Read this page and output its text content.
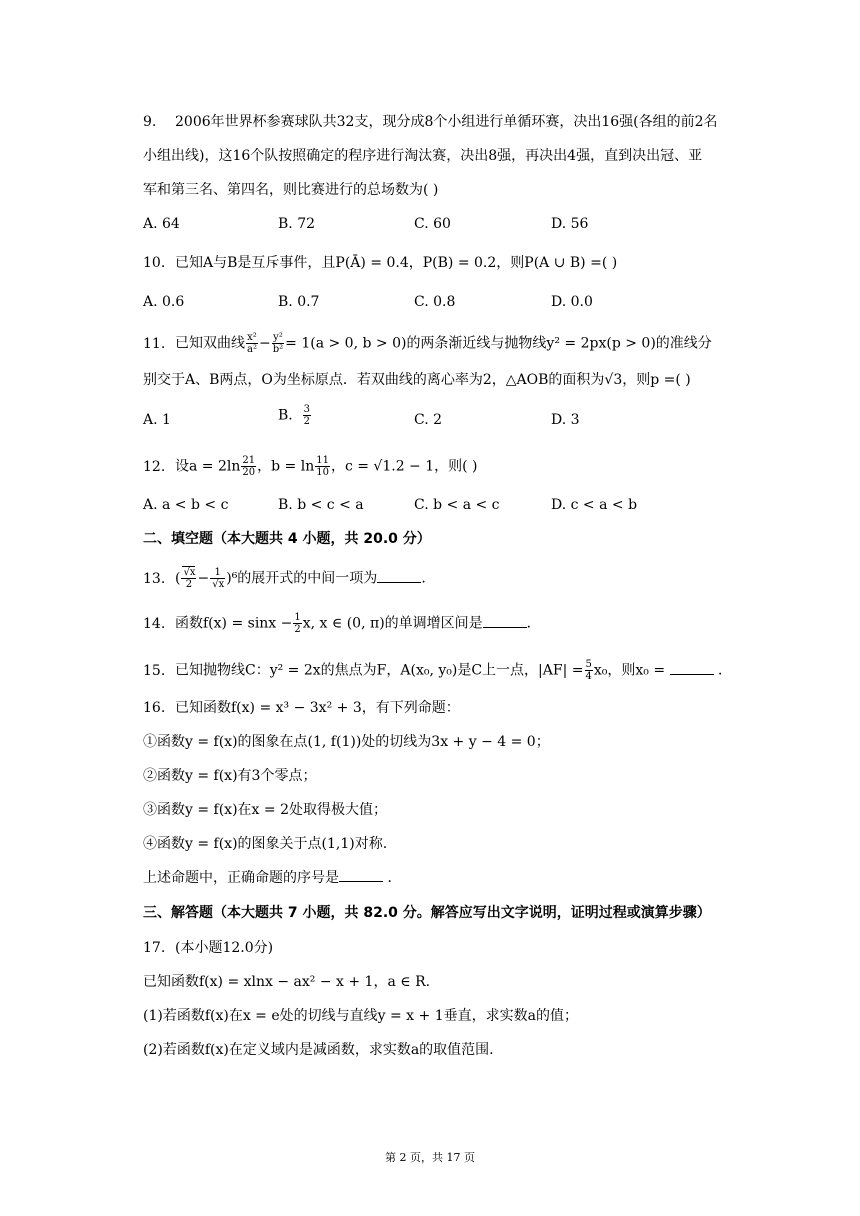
9. 2006年世界杯参赛球队共32支，现分成8个小组进行单循环赛，决出16强(各组的前2名
小组出线)，这16个队按照确定的程序进行淘汰赛，决出8强，再决出4强，直到决出冠、亚
军和第三名、第四名，则比赛进行的总场数为( )
A. 64	B. 72	C. 60	D. 56
10. 已知A与B是互斥事件，且P(Ā) = 0.4，P(B) = 0.2，则P(A ∪ B) =( )
A. 0.6	B. 0.7	C. 0.8	D. 0.0
11. 已知双曲线 $\frac{\text{x²}}{\text{a²}} - \frac{\text{y²}}{\text{b²}} = 1(a > 0$, b > 0)的两条渐近线与抛物线y² = 2px(p > 0)的准线分
别交于A、B两点，O为坐标原点．若双曲线的离心率为2，△AOB的面积为√3，则p =( )
A. 1	B. $\frac{3}{2}$	C. 2	D. 3
12. 设$a = 2\ln \frac{21}{20}$ ，$b = \ln \frac{11}{10}$ ，c = √1.2 − 1，则( )
A. a < b < c	B. b < c < a	C. b < a < c	D. c < a < b
二、填空题（本大题共 4 小题，共 20.0 分）
13. ( $\frac{√x}{2} - \frac{1}{√x} )^6$的展开式的中间一项为	.
14. 函数$f(x) = \sin x - \frac{1}{2} x$, x ∈ (0, π)的单调增区间是	．
15. 已知抛物线C：y² = 2x的焦点为F，A(x₀, y₀)是C上一点，$|AF| = \frac{5}{4} x_0$，则x₀ =	．
16. 已知函数f(x) = x³ − 3x² + 3，有下列命题：
①函数y = f(x)的图象在点(1, f(1))处的切线为3x + y − 4 = 0；
②函数y = f(x)有3个零点；
③函数y = f(x)在x = 2处取得极大值；
④函数y = f(x)的图象关于点(1,1)对称.
上述命题中，正确命题的序号是	．
三、解答题（本大题共 7 小题，共 82.0 分。解答应写出文字说明，证明过程或演算步骤）
17. (本小题12.0分)
已知函数f(x) = xlnx − ax² − x + 1，a ∈ R.
(1)若函数f(x)在x = e处的切线与直线y = x + 1垂直，求实数a的值；
(2)若函数f(x)在定义域内是减函数，求实数a的取值范围.
第 2 页，共 17 页
